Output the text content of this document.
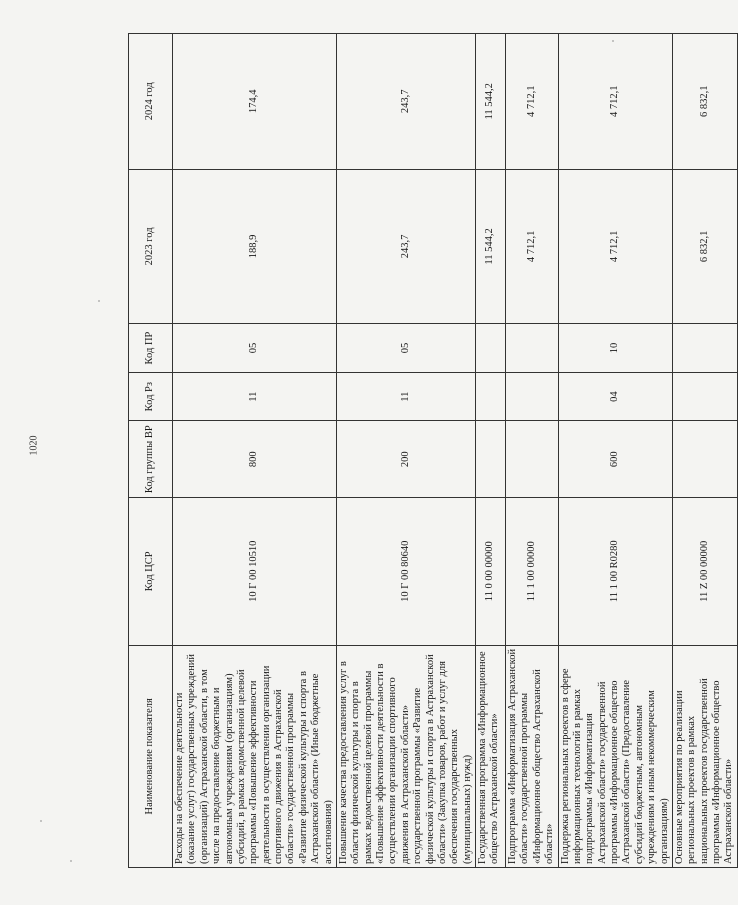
1020
Наименование показателя	Код ЦСР	Код группы ВР	Код Рз	Код ПР	2023 год	2024 год
Расходы на обеспечение деятельности (оказание услуг) государственных учреждений (организаций) Астраханской области, в том числе на предоставление бюджетным и автономным учреждениям (организациям) субсидий, в рамках ведомственной целевой программы «Повышение эффективности деятельности в осуществлении организации спортивного движения в Астраханской области» государственной программы «Развитие физической культуры и спорта в Астраханской области» (Иные бюджетные ассигнования)	10 Г 00 10510	800	11	05	188,9	174,4
Повышение качества предоставления услуг в области физической культуры и спорта в рамках ведомственной целевой программы «Повышение эффективности деятельности в осуществлении организации спортивного движения в Астраханской области» государственной программы «Развитие физической культуры и спорта в Астраханской области» (Закупка товаров, работ и услуг для обеспечения государственных (муниципальных) нужд)	10 Г 00 80640	200	11	05	243,7	243,7
Государственная программа «Информационное общество Астраханской области»	11 0 00 00000				11 544,2	11 544,2
Подпрограмма «Информатизация Астраханской области» государственной программы «Информационное общество Астраханской области»	11 1 00 00000				4 712,1	4 712,1
Поддержка региональных проектов в сфере информационных технологий в рамках подпрограммы «Информатизация Астраханской области» государственной программы «Информационное общество Астраханской области» (Предоставление субсидий бюджетным, автономным учреждениям и иным некоммерческим организациям)	11 1 00 R0280	600	04	10	4 712,1	4 712,1
Основные мероприятия по реализации региональных проектов в рамках национальных проектов государственной программы «Информационное общество Астраханской области»	11 Z 00 00000				6 832,1	6 832,1
